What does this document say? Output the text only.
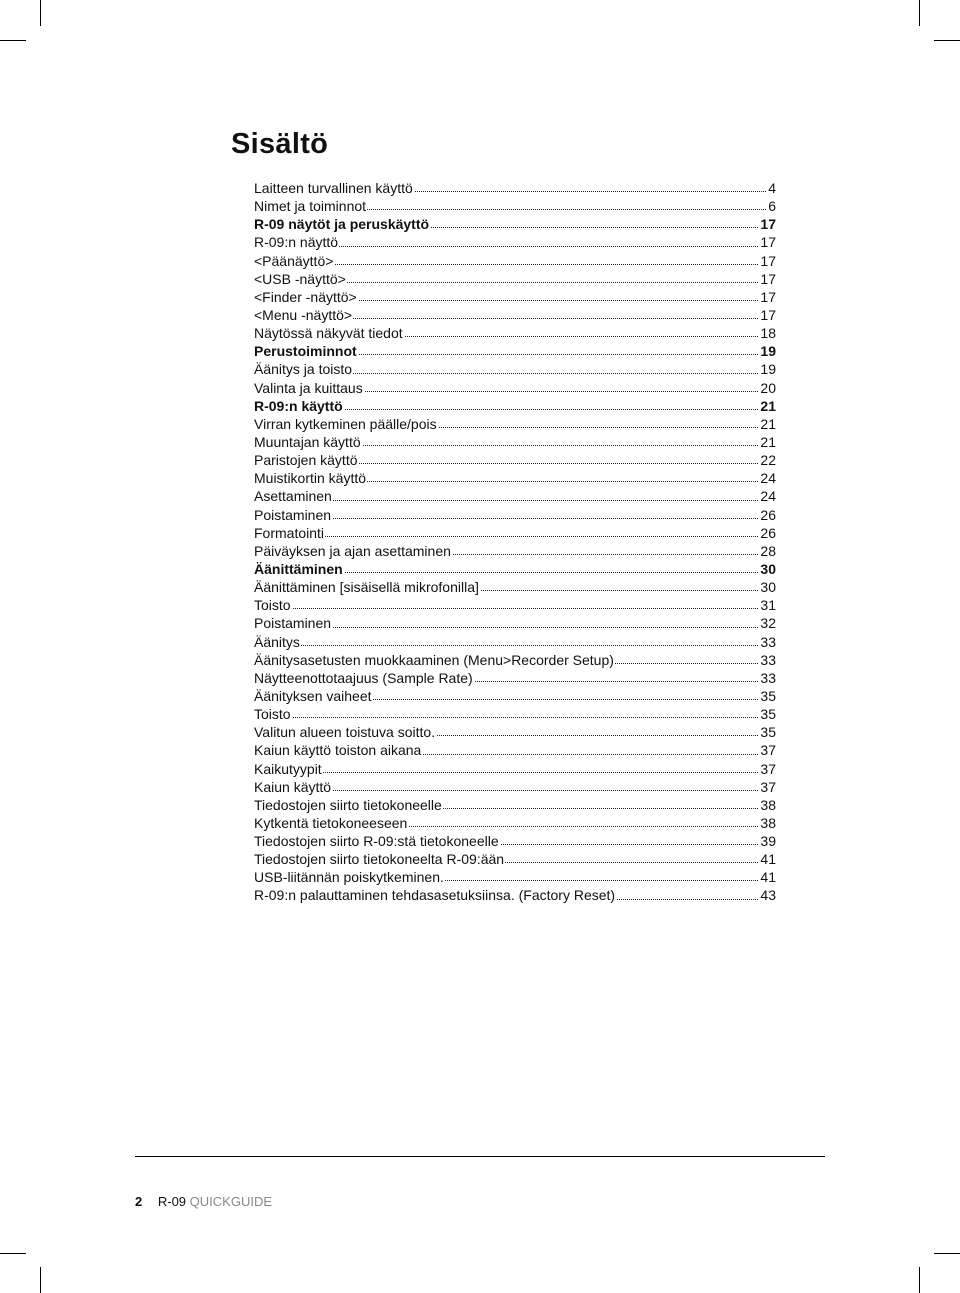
Sisältö
Laitteen turvallinen käyttö	4
Nimet ja toiminnot	6
R-09 näytöt ja peruskäyttö	17
R-09:n näyttö	17
<Päänäyttö>	17
<USB -näyttö>	17
<Finder -näyttö>	17
<Menu -näyttö>	17
Näytössä näkyvät tiedot	18
Perustoiminnot	19
Äänitys ja toisto	19
Valinta ja kuittaus	20
R-09:n käyttö	21
Virran kytkeminen päälle/pois	21
Muuntajan käyttö	21
Paristojen käyttö	22
Muistikortin käyttö	24
Asettaminen	24
Poistaminen	26
Formatointi	26
Päiväyksen ja ajan asettaminen	28
Äänittäminen	30
Äänittäminen [sisäisellä mikrofonilla]	30
Toisto	31
Poistaminen	32
Äänitys	33
Äänitysasetusten muokkaaminen (Menu>Recorder Setup)	33
Näytteenottotaajuus (Sample Rate)	33
Äänityksen vaiheet	35
Toisto	35
Valitun alueen toistuva soitto.	35
Kaiun käyttö toiston aikana	37
Kaikutyypit	37
Kaiun käyttö	37
Tiedostojen siirto tietokoneelle	38
Kytkentä tietokoneeseen	38
Tiedostojen siirto R-09:stä tietokoneelle	39
Tiedostojen siirto tietokoneelta R-09:ään	41
USB-liitännän poiskytkeminen.	41
R-09:n palauttaminen tehdasasetuksiinsa. (Factory Reset)	43
2 R-09 QUICKGUIDE
